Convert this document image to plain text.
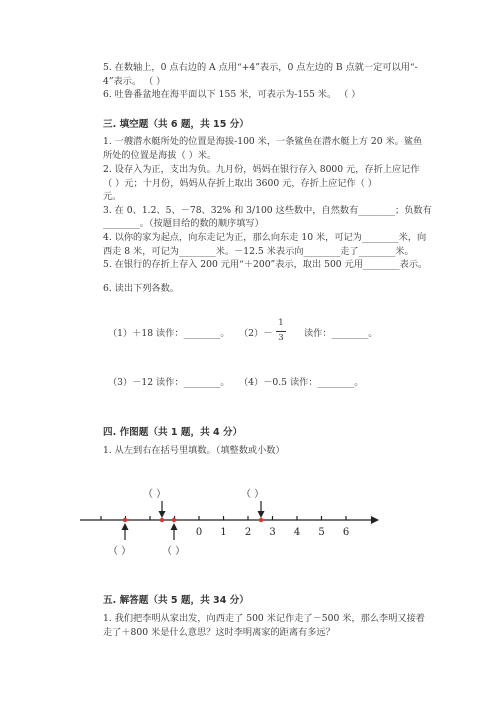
5. 在数轴上，0 点右边的 A 点用“+4”表示，0 点左边的 B 点就一定可以用“-
4”表示。 （ ）
6. 吐鲁番盆地在海平面以下 155 米，可表示为-155 米。 （ ）
三. 填空题（共 6 题，共 15 分）
1. 一艘潜水艇所处的位置是海拔-100 米，一条鲨鱼在潜水艇上方 20 米。鲨鱼
所处的位置是海拔（ ）米。
2. 设存入为正，支出为负。九月份，妈妈在银行存入 8000 元，存折上应记作
（ ）元；十月份，妈妈从存折上取出 3600 元，存折上应记作（ ）
元。
3. 在 0、1.2、5、－78、32% 和 3/100 这些数中，自然数有________；负数有
________。（按题目给的数的顺序填写）
4. 以你的家为起点，向东走记为正，那么向东走 10 米，可记为________米，向
西走 8 米，可记为________米。－12.5 米表示向________走了________米。
5. 在银行的存折上存入 200 元用“＋200”表示，取出 500 元用________表示。
6. 读出下列各数。
（1）＋18 读作：________。 （2）－
1
3 读作：________。
（3）－12 读作：________。 （4）－0.5 读作：________。
四. 作图题（共 1 题，共 4 分）
1. 从左到右在括号里填数。（填整数或小数）
（ ）	（ ）
（ ）	（ ）
0 1 2 3 4 5 6
五. 解答题（共 5 题，共 34 分）
1. 我们把李明从家出发，向西走了 500 米记作走了－500 米，那么李明又接着
走了＋800 米是什么意思？这时李明离家的距离有多远？
